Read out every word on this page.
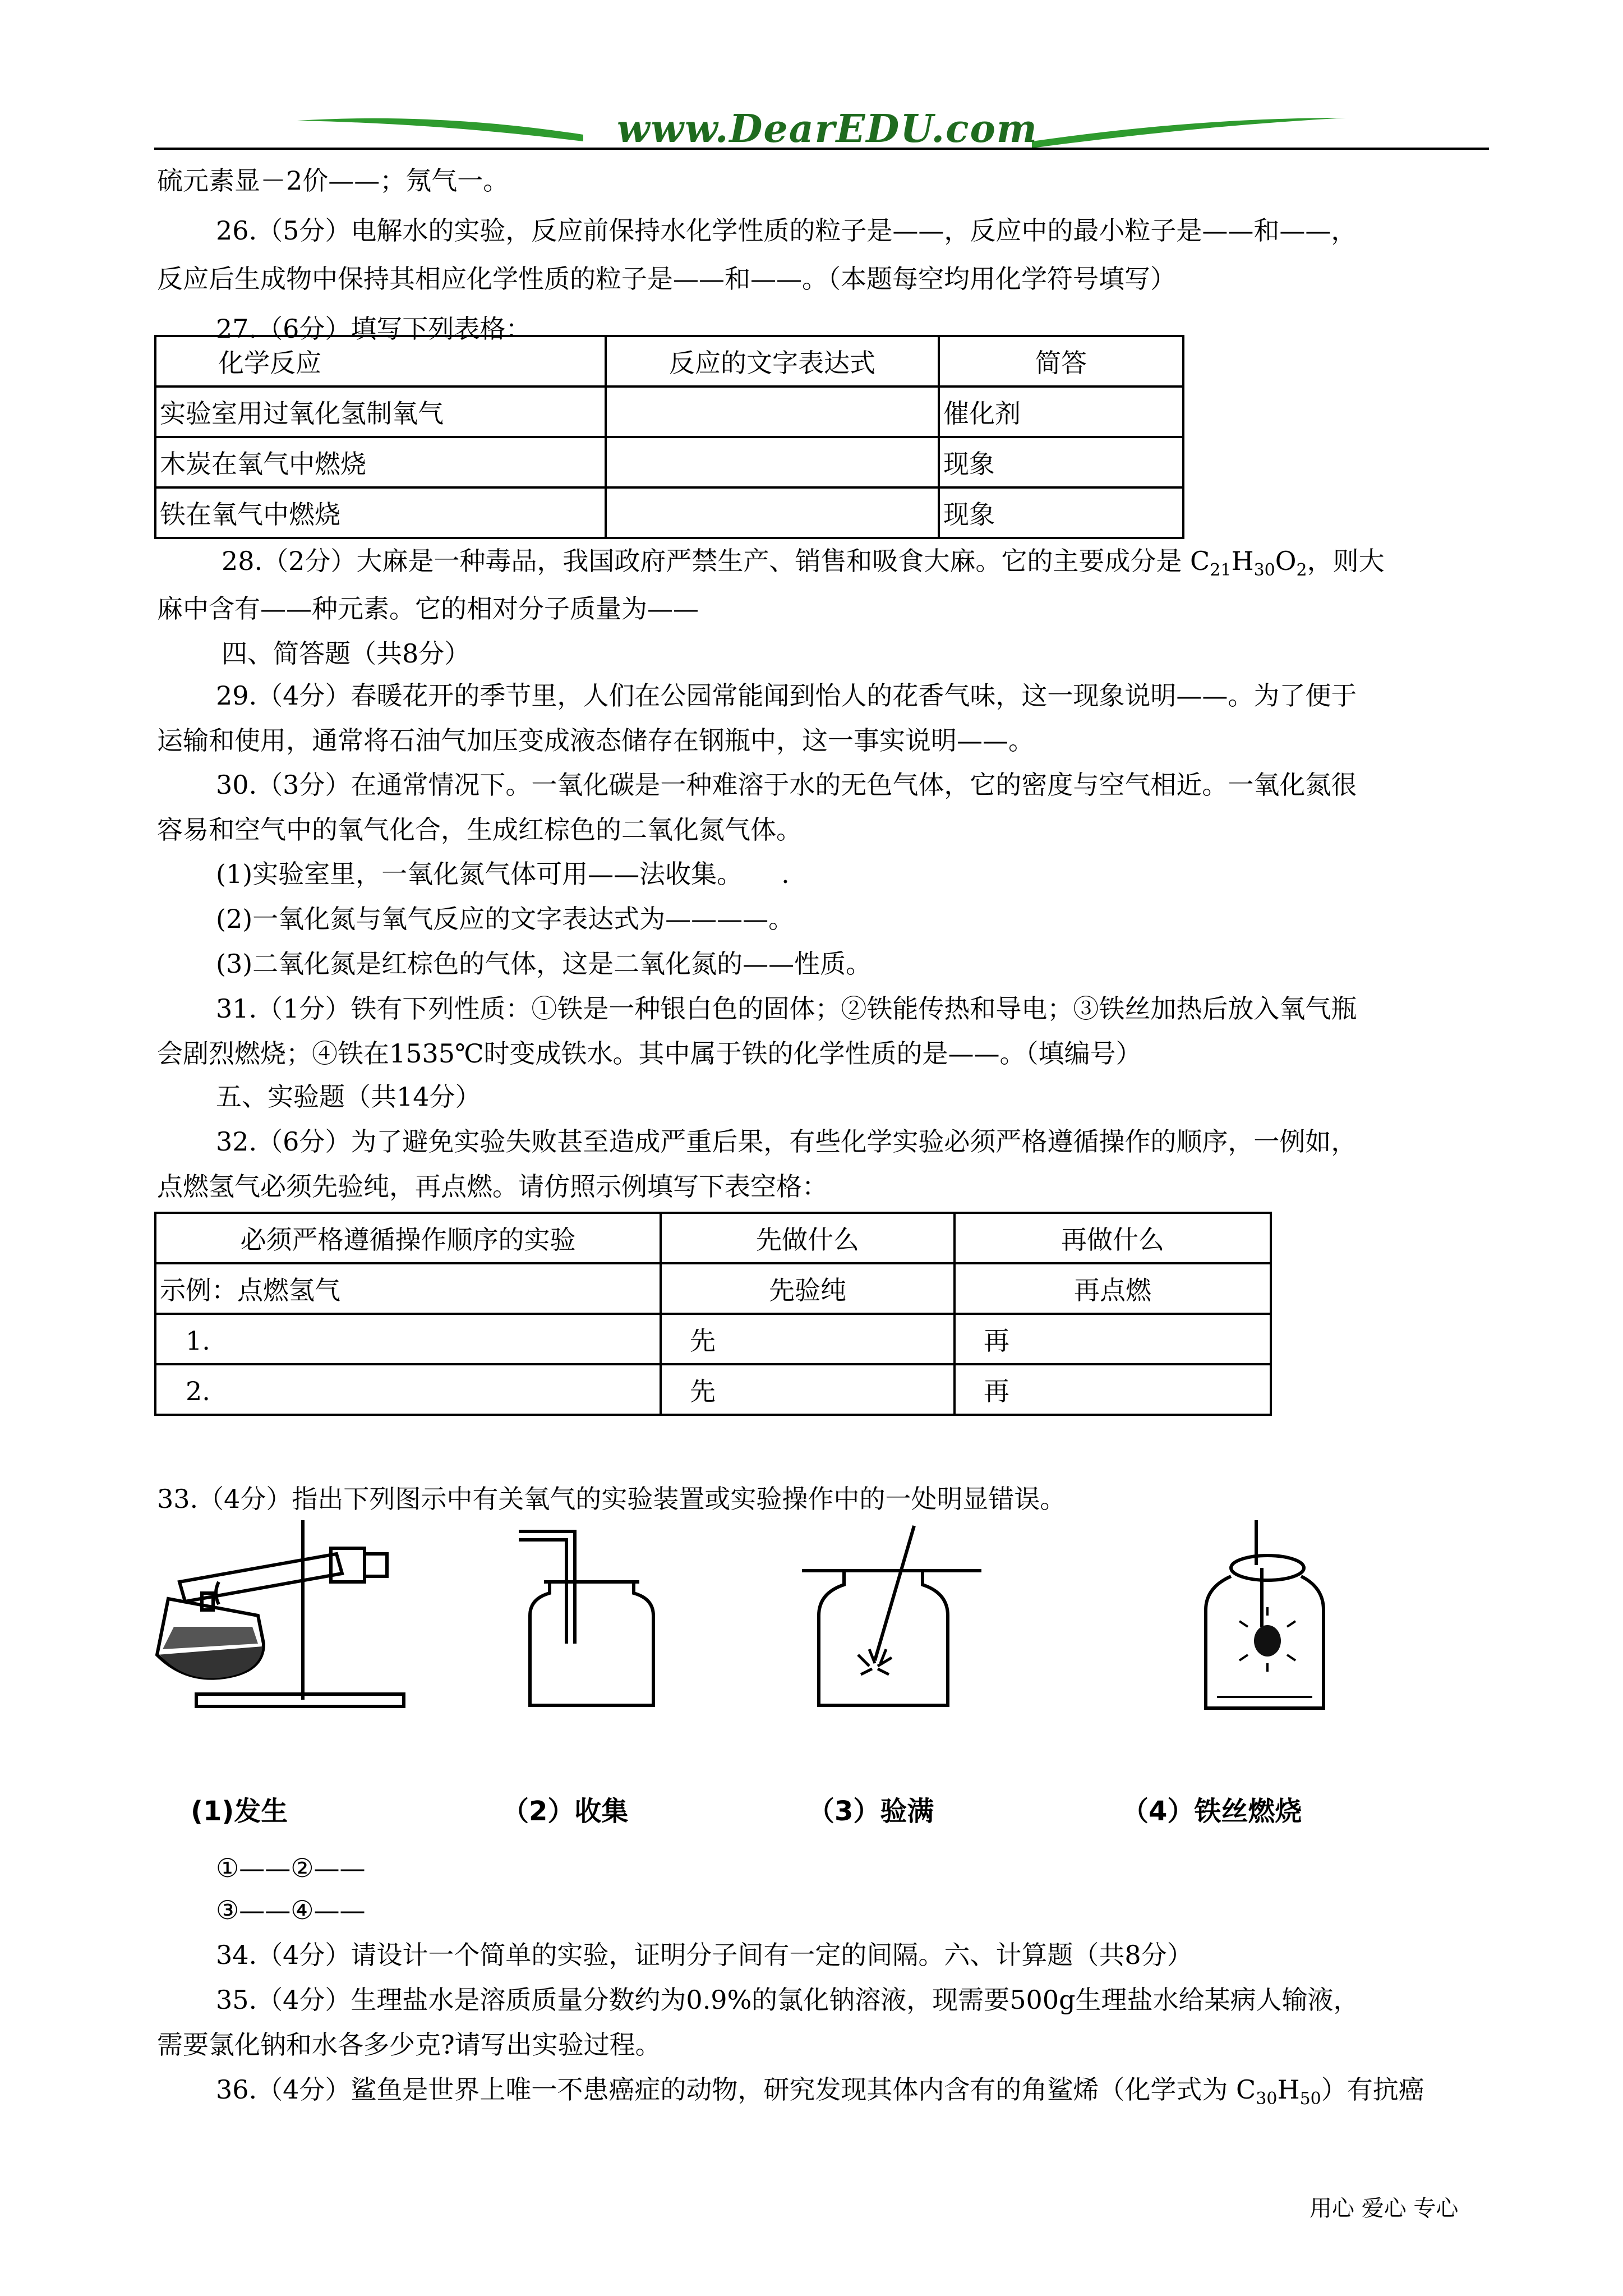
www.DearEDU.com
硫元素显－2价——；氖气一。
26.（5分）电解水的实验，反应前保持水化学性质的粒子是——，反应中的最小粒子是——和——，
反应后生成物中保持其相应化学性质的粒子是——和——。（本题每空均用化学符号填写）
27.（6分）填写下列表格：
化学反应	反应的文字表达式	简答
实验室用过氧化氢制氧气		催化剂
木炭在氧气中燃烧		现象
铁在氧气中燃烧		现象
28.（2分）大麻是一种毒品，我国政府严禁生产、销售和吸食大麻。它的主要成分是 $C_{21}H_{30}O_2$，则大
麻中含有——种元素。它的相对分子质量为——
四、简答题（共8分）
29.（4分）春暖花开的季节里，人们在公园常能闻到怡人的花香气味，这一现象说明——。为了便于
运输和使用，通常将石油气加压变成液态储存在钢瓶中，这一事实说明——。
30.（3分）在通常情况下。一氧化碳是一种难溶于水的无色气体，它的密度与空气相近。一氧化氮很
容易和空气中的氧气化合，生成红棕色的二氧化氮气体。
(1)实验室里，一氧化氮气体可用——法收集。　　.
(2)一氧化氮与氧气反应的文字表达式为————。
(3)二氧化氮是红棕色的气体，这是二氧化氮的——性质。
31.（1分）铁有下列性质：①铁是一种银白色的固体；②铁能传热和导电；③铁丝加热后放入氧气瓶
会剧烈燃烧；④铁在1535℃时变成铁水。其中属于铁的化学性质的是——。（填编号）
五、实验题（共14分）
32.（6分）为了避免实验失败甚至造成严重后果，有些化学实验必须严格遵循操作的顺序，一例如，
点燃氢气必须先验纯，再点燃。请仿照示例填写下表空格：
必须严格遵循操作顺序的实验	先做什么	再做什么
示例：点燃氢气	先验纯	再点燃
　1.	先	再
　2.	先	再
33.（4分）指出下列图示中有关氧气的实验装置或实验操作中的一处明显错误。
(1)发生	（2）收集	（3）验满	（4）铁丝燃烧
①——②——
③——④——
34.（4分）请设计一个简单的实验，证明分子间有一定的间隔。六、计算题（共8分）
35.（4分）生理盐水是溶质质量分数约为0.9%的氯化钠溶液，现需要500g生理盐水给某病人输液，
需要氯化钠和水各多少克?请写出实验过程。
36.（4分）鲨鱼是世界上唯一不患癌症的动物，研究发现其体内含有的角鲨烯（化学式为 $C_{30}H_{50}$）有抗癌
用心 爱心 专心
